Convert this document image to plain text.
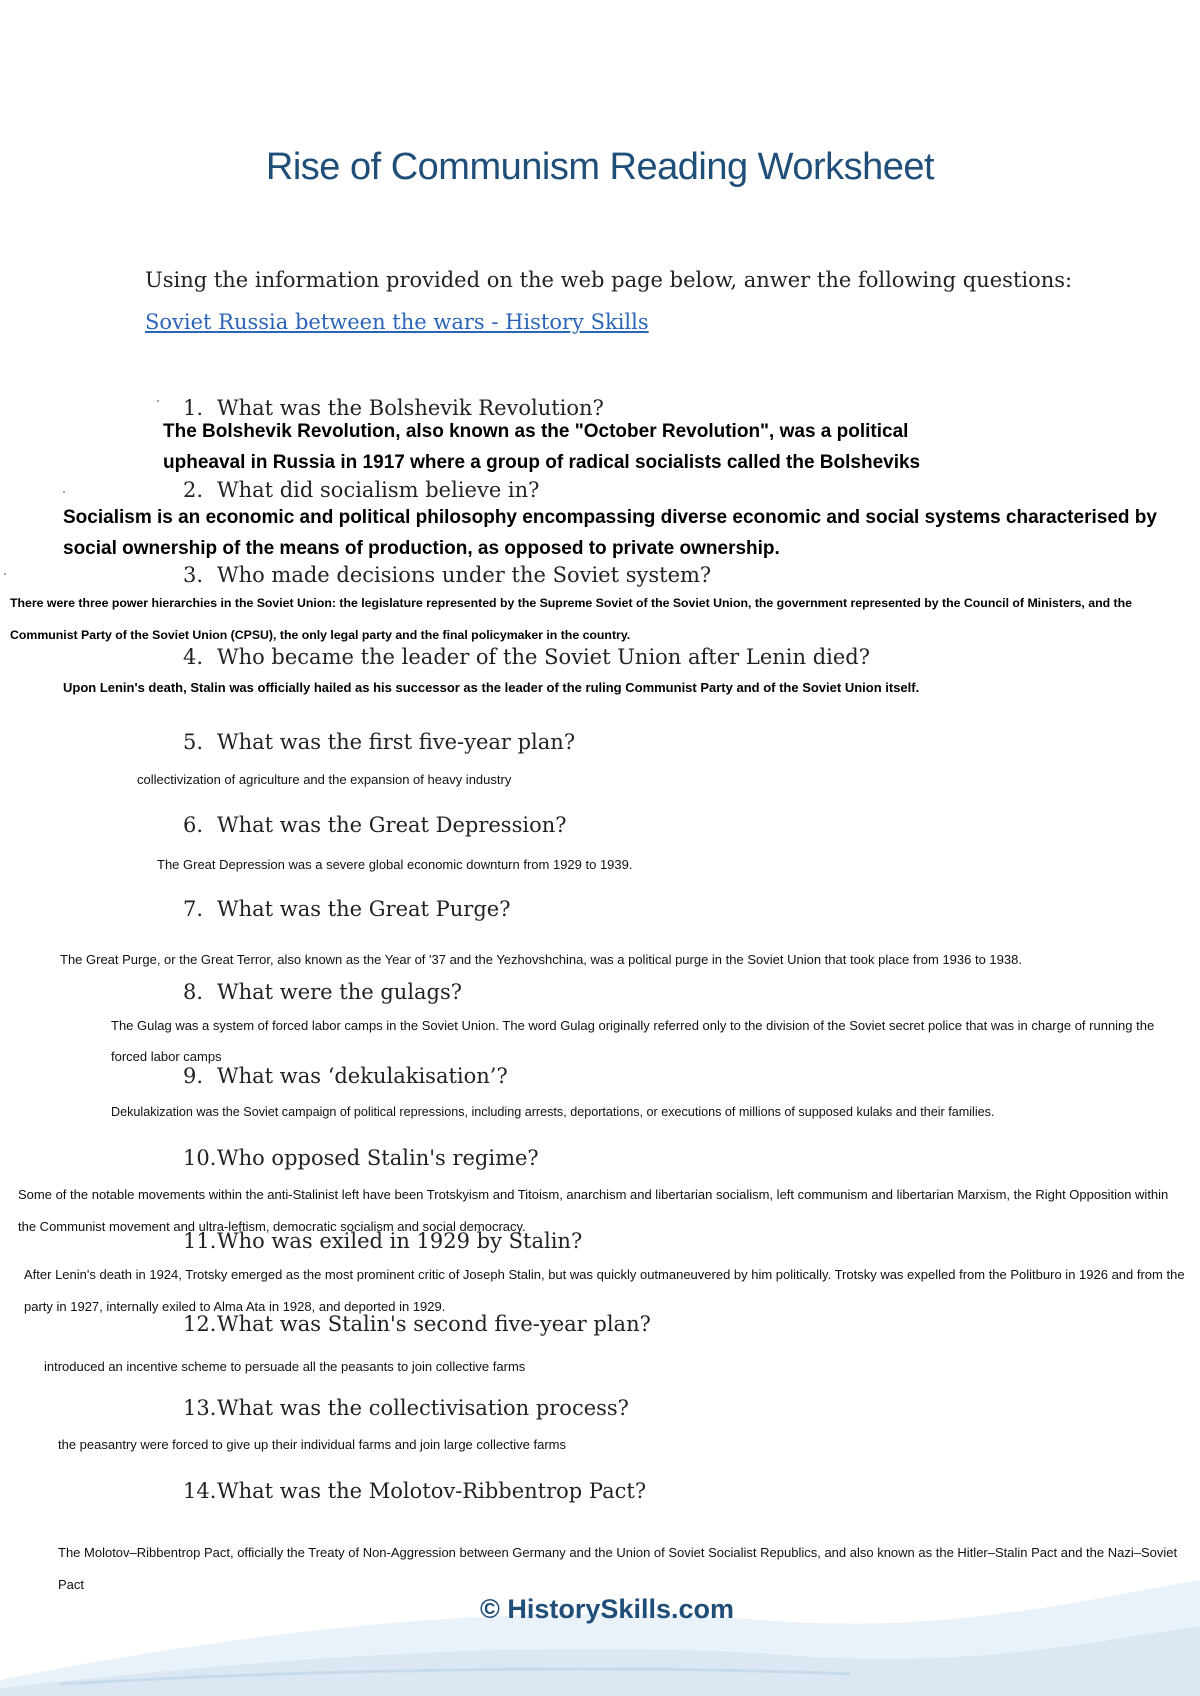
Rise of Communism Reading Worksheet
Using the information provided on the web page below, anwer the following questions:
Soviet Russia between the wars - History Skills
1. What was the Bolshevik Revolution?
The Bolshevik Revolution, also known as the "October Revolution", was a political upheaval in Russia in 1917 where a group of radical socialists called the Bolsheviks
2. What did socialism believe in?
Socialism is an economic and political philosophy encompassing diverse economic and social systems characterised by social ownership of the means of production, as opposed to private ownership.
3. Who made decisions under the Soviet system?
There were three power hierarchies in the Soviet Union: the legislature represented by the Supreme Soviet of the Soviet Union, the government represented by the Council of Ministers, and the Communist Party of the Soviet Union (CPSU), the only legal party and the final policymaker in the country.
4. Who became the leader of the Soviet Union after Lenin died?
Upon Lenin's death, Stalin was officially hailed as his successor as the leader of the ruling Communist Party and of the Soviet Union itself.
5. What was the first five-year plan?
collectivization of agriculture and the expansion of heavy industry
6. What was the Great Depression?
The Great Depression was a severe global economic downturn from 1929 to 1939.
7. What was the Great Purge?
The Great Purge, or the Great Terror, also known as the Year of '37 and the Yezhovshchina, was a political purge in the Soviet Union that took place from 1936 to 1938.
8. What were the gulags?
The Gulag was a system of forced labor camps in the Soviet Union. The word Gulag originally referred only to the division of the Soviet secret police that was in charge of running the forced labor camps
9. What was ‘dekulakisation’?
Dekulakization was the Soviet campaign of political repressions, including arrests, deportations, or executions of millions of supposed kulaks and their families.
10.Who opposed Stalin's regime?
Some of the notable movements within the anti-Stalinist left have been Trotskyism and Titoism, anarchism and libertarian socialism, left communism and libertarian Marxism, the Right Opposition within the Communist movement and ultra-leftism, democratic socialism and social democracy.
11.Who was exiled in 1929 by Stalin?
After Lenin's death in 1924, Trotsky emerged as the most prominent critic of Joseph Stalin, but was quickly outmaneuvered by him politically. Trotsky was expelled from the Politburo in 1926 and from the party in 1927, internally exiled to Alma Ata in 1928, and deported in 1929.
12.What was Stalin's second five-year plan?
introduced an incentive scheme to persuade all the peasants to join collective farms
13.What was the collectivisation process?
the peasantry were forced to give up their individual farms and join large collective farms
14.What was the Molotov-Ribbentrop Pact?
The Molotov–Ribbentrop Pact, officially the Treaty of Non-Aggression between Germany and the Union of Soviet Socialist Republics, and also known as the Hitler–Stalin Pact and the Nazi–Soviet Pact
© HistorySkills.com
